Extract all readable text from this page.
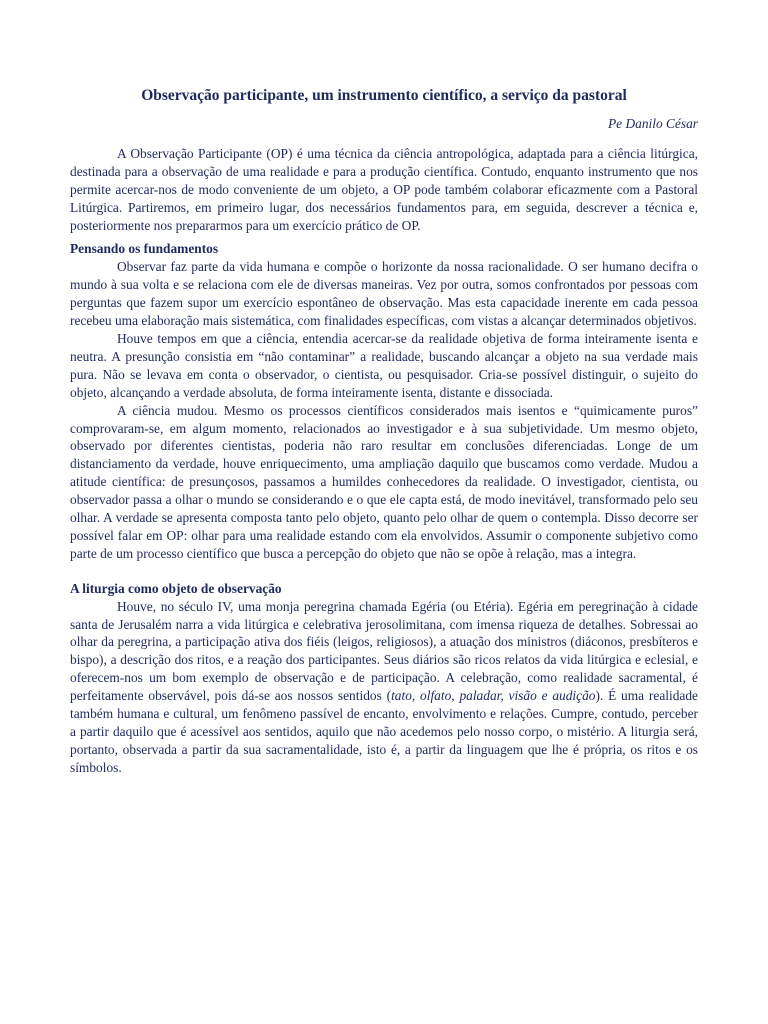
Observação participante, um instrumento científico, a serviço da pastoral
Pe Danilo César

A Observação Participante (OP) é uma técnica da ciência antropológica, adaptada para a ciência litúrgica, destinada para a observação de uma realidade e para a produção científica. Contudo, enquanto instrumento que nos permite acercar-nos de modo conveniente de um objeto, a OP pode também colaborar eficazmente com a Pastoral Litúrgica. Partiremos, em primeiro lugar, dos necessários fundamentos para, em seguida, descrever a técnica e, posteriormente nos prepararmos para um exercício prático de OP.

Pensando os fundamentos

Observar faz parte da vida humana e compõe o horizonte da nossa racionalidade. O ser humano decifra o mundo à sua volta e se relaciona com ele de diversas maneiras. Vez por outra, somos confrontados por pessoas com perguntas que fazem supor um exercício espontâneo de observação. Mas esta capacidade inerente em cada pessoa recebeu uma elaboração mais sistemática, com finalidades específicas, com vistas a alcançar determinados objetivos.

Houve tempos em que a ciência, entendia acercar-se da realidade objetiva de forma inteiramente isenta e neutra. A presunção consistia em “não contaminar” a realidade, buscando alcançar a objeto na sua verdade mais pura. Não se levava em conta o observador, o cientista, ou pesquisador. Cria-se possível distinguir, o sujeito do objeto, alcançando a verdade absoluta, de forma inteiramente isenta, distante e dissociada.

A ciência mudou. Mesmo os processos científicos considerados mais isentos e “quimicamente puros” comprovaram-se, em algum momento, relacionados ao investigador e à sua subjetividade. Um mesmo objeto, observado por diferentes cientistas, poderia não raro resultar em conclusões diferenciadas. Longe de um distanciamento da verdade, houve enriquecimento, uma ampliação daquilo que buscamos como verdade. Mudou a atitude científica: de presunçosos, passamos a humildes conhecedores da realidade. O investigador, cientista, ou observador passa a olhar o mundo se considerando e o que ele capta está, de modo inevitável, transformado pelo seu olhar. A verdade se apresenta composta tanto pelo objeto, quanto pelo olhar de quem o contempla. Disso decorre ser possível falar em OP: olhar para uma realidade estando com ela envolvidos. Assumir o componente subjetivo como parte de um processo científico que busca a percepção do objeto que não se opõe à relação, mas a integra.

A liturgia como objeto de observação

Houve, no século IV, uma monja peregrina chamada Egéria (ou Etéria). Egéria em peregrinação à cidade santa de Jerusalém narra a vida litúrgica e celebrativa jerosolimitana, com imensa riqueza de detalhes. Sobressai ao olhar da peregrina, a participação ativa dos fiéis (leigos, religiosos), a atuação dos ministros (diáconos, presbíteros e bispo), a descrição dos ritos, e a reação dos participantes. Seus diários são ricos relatos da vida litúrgica e eclesial, e oferecem-nos um bom exemplo de observação e de participação. A celebração, como realidade sacramental, é perfeitamente observável, pois dá-se aos nossos sentidos (tato, olfato, paladar, visão e audição). É uma realidade também humana e cultural, um fenômeno passível de encanto, envolvimento e relações. Cumpre, contudo, perceber a partir daquilo que é acessível aos sentidos, aquilo que não acedemos pelo nosso corpo, o mistério. A liturgia será, portanto, observada a partir da sua sacramentalidade, isto é, a partir da linguagem que lhe é própria, os ritos e os símbolos.
